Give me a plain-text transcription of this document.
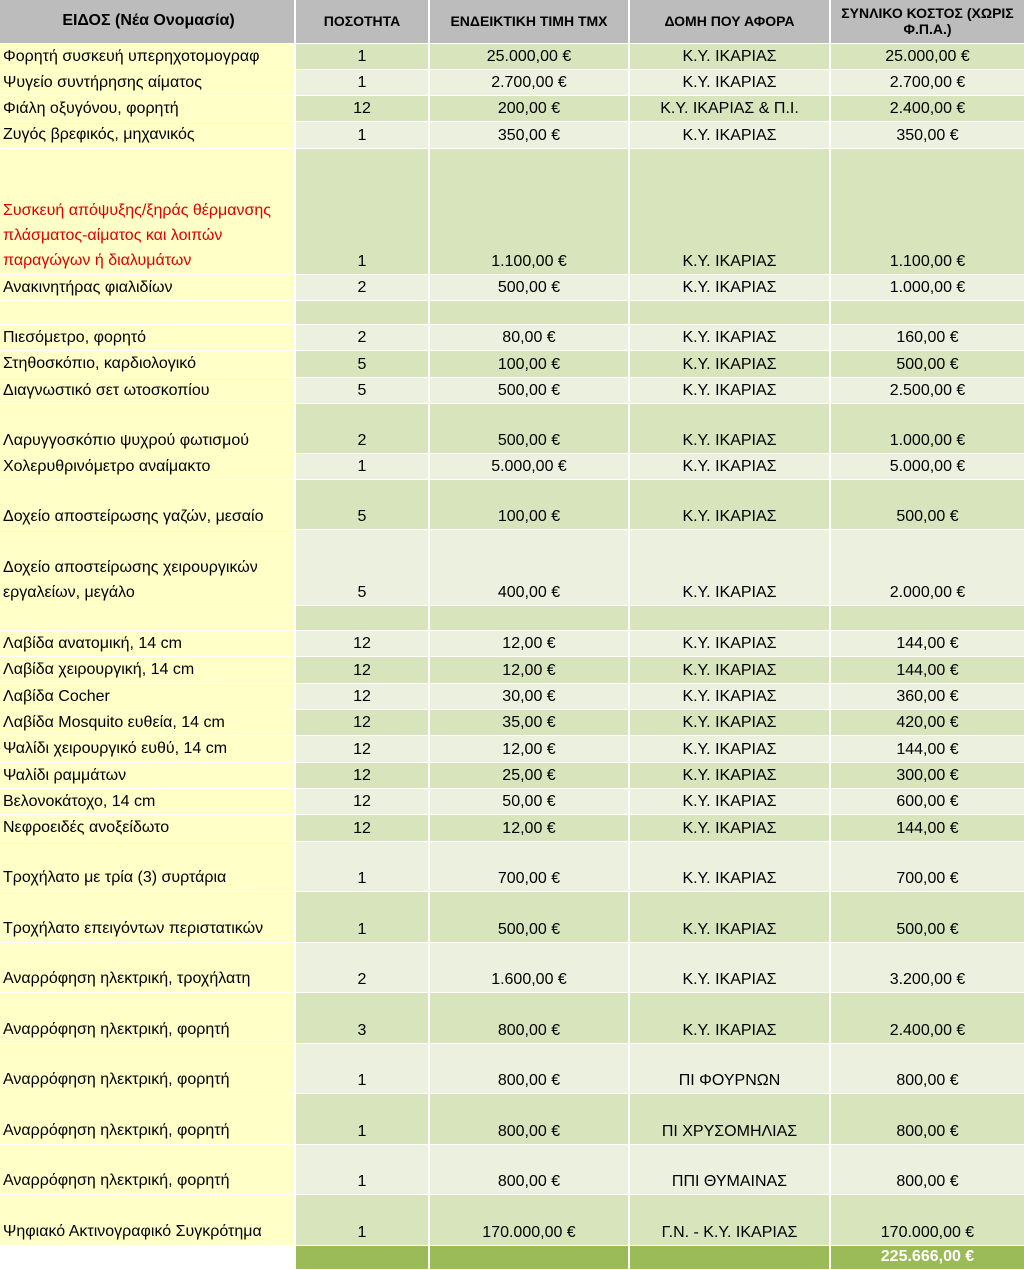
ΕΙΔΟΣ (Νέα Ονομασία)	ΠΟΣΟΤΗΤΑ	ΕΝΔΕΙΚΤΙΚΗ ΤΙΜΗ ΤΜΧ	ΔΟΜΗ ΠΟΥ ΑΦΟΡΑ	ΣΥΝΛΙΚΟ ΚΟΣΤΟΣ (ΧΩΡΙΣ Φ.Π.Α.)
Φορητή συσκευή υπερηχοτομογραφ	1	25.000,00 €	Κ.Υ. ΙΚΑΡΙΑΣ	25.000,00 €
Ψυγείο συντήρησης αίματος	1	2.700,00 €	Κ.Υ. ΙΚΑΡΙΑΣ	2.700,00 €
Φιάλη οξυγόνου, φορητή	12	200,00 €	Κ.Υ. ΙΚΑΡΙΑΣ & Π.Ι.	2.400,00 €
Ζυγός βρεφικός, μηχανικός	1	350,00 €	Κ.Υ. ΙΚΑΡΙΑΣ	350,00 €
Συσκευή απόψυξης/ξηράς θέρμανσης πλάσματος-αίματος και λοιπών παραγώγων ή διαλυμάτων	1	1.100,00 €	Κ.Υ. ΙΚΑΡΙΑΣ	1.100,00 €
Ανακινητήρας φιαλιδίων	2	500,00 €	Κ.Υ. ΙΚΑΡΙΑΣ	1.000,00 €

Πιεσόμετρο, φορητό	2	80,00 €	Κ.Υ. ΙΚΑΡΙΑΣ	160,00 €
Στηθοσκόπιο, καρδιολογικό	5	100,00 €	Κ.Υ. ΙΚΑΡΙΑΣ	500,00 €
Διαγνωστικό σετ ωτοσκοπίου	5	500,00 €	Κ.Υ. ΙΚΑΡΙΑΣ	2.500,00 €
Λαρυγγοσκόπιο ψυχρού φωτισμού	2	500,00 €	Κ.Υ. ΙΚΑΡΙΑΣ	1.000,00 €
Χολερυθρινόμετρο αναίμακτο	1	5.000,00 €	Κ.Υ. ΙΚΑΡΙΑΣ	5.000,00 €
Δοχείο αποστείρωσης γαζών, μεσαίο	5	100,00 €	Κ.Υ. ΙΚΑΡΙΑΣ	500,00 €
Δοχείο αποστείρωσης χειρουργικών εργαλείων, μεγάλο	5	400,00 €	Κ.Υ. ΙΚΑΡΙΑΣ	2.000,00 €

Λαβίδα ανατομική, 14 cm	12	12,00 €	Κ.Υ. ΙΚΑΡΙΑΣ	144,00 €
Λαβίδα χειρουργική, 14 cm	12	12,00 €	Κ.Υ. ΙΚΑΡΙΑΣ	144,00 €
Λαβίδα Cocher	12	30,00 €	Κ.Υ. ΙΚΑΡΙΑΣ	360,00 €
Λαβίδα Mosquito ευθεία, 14 cm	12	35,00 €	Κ.Υ. ΙΚΑΡΙΑΣ	420,00 €
Ψαλίδι χειρουργικό ευθύ, 14 cm	12	12,00 €	Κ.Υ. ΙΚΑΡΙΑΣ	144,00 €
Ψαλίδι ραμμάτων	12	25,00 €	Κ.Υ. ΙΚΑΡΙΑΣ	300,00 €
Βελονοκάτοχο, 14 cm	12	50,00 €	Κ.Υ. ΙΚΑΡΙΑΣ	600,00 €
Νεφροειδές ανοξείδωτο	12	12,00 €	Κ.Υ. ΙΚΑΡΙΑΣ	144,00 €
Τροχήλατο με τρία (3) συρτάρια	1	700,00 €	Κ.Υ. ΙΚΑΡΙΑΣ	700,00 €
Τροχήλατο επειγόντων περιστατικών	1	500,00 €	Κ.Υ. ΙΚΑΡΙΑΣ	500,00 €
Αναρρόφηση ηλεκτρική, τροχήλατη	2	1.600,00 €	Κ.Υ. ΙΚΑΡΙΑΣ	3.200,00 €
Αναρρόφηση ηλεκτρική, φορητή	3	800,00 €	Κ.Υ. ΙΚΑΡΙΑΣ	2.400,00 €
Αναρρόφηση ηλεκτρική, φορητή	1	800,00 €	ΠΙ ΦΟΥΡΝΩΝ	800,00 €
Αναρρόφηση ηλεκτρική, φορητή	1	800,00 €	ΠΙ ΧΡΥΣΟΜΗΛΙΑΣ	800,00 €
Αναρρόφηση ηλεκτρική, φορητή	1	800,00 €	ΠΠΙ ΘΥΜΑΙΝΑΣ	800,00 €
Ψηφιακό Ακτινογραφικό Συγκρότημα	1	170.000,00 €	Γ.Ν. - Κ.Υ. ΙΚΑΡΙΑΣ	170.000,00 €
				225.666,00 €
